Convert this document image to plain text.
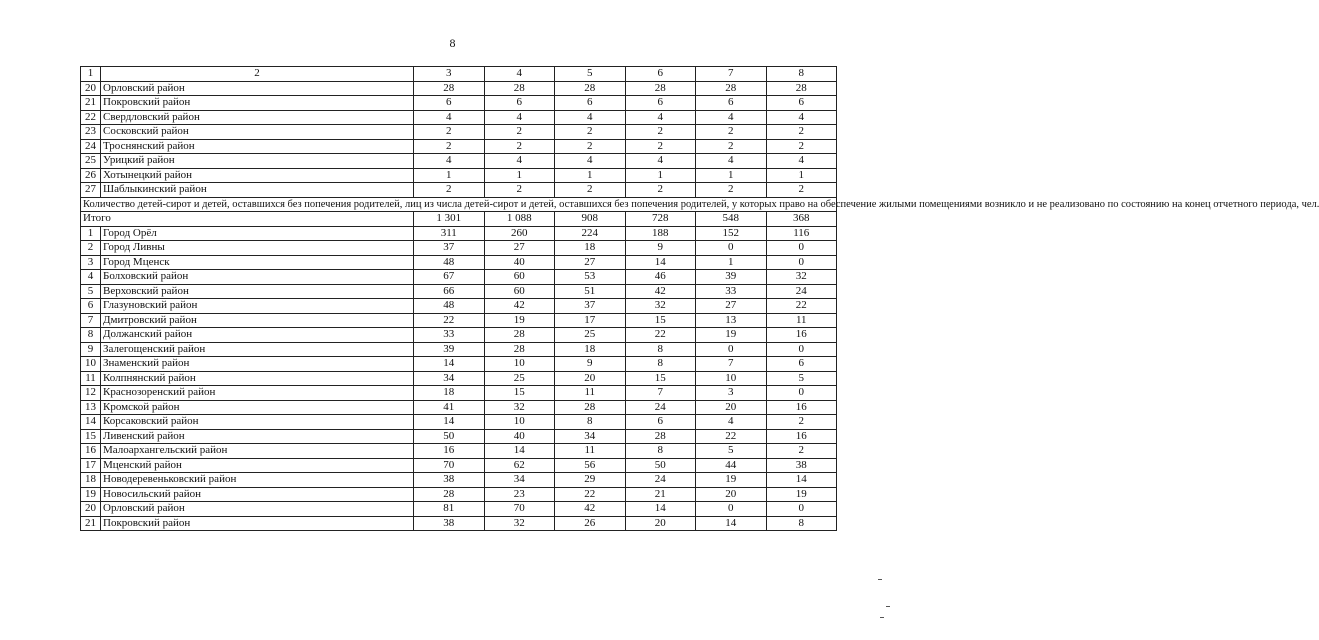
8
1	2	3	4	5	6	7	8
20	Орловский район	28	28	28	28	28	28
21	Покровский район	6	6	6	6	6	6
22	Свердловский район	4	4	4	4	4	4
23	Сосковский район	2	2	2	2	2	2
24	Троснянский район	2	2	2	2	2	2
25	Урицкий район	4	4	4	4	4	4
26	Хотынецкий район	1	1	1	1	1	1
27	Шаблыкинский район	2	2	2	2	2	2
Количество детей-сирот и детей, оставшихся без попечения родителей, лиц из числа детей-сирот и детей, оставшихся без попечения родителей, у которых право на обеспечение жилыми помещениями возникло и не реализовано по состоянию на конец отчетного периода, чел.							
Итого		1 301	1 088	908	728	548	368
1	Город Орёл	311	260	224	188	152	116
2	Город Ливны	37	27	18	9	0	0
3	Город Мценск	48	40	27	14	1	0
4	Болховский район	67	60	53	46	39	32
5	Верховский район	66	60	51	42	33	24
6	Глазуновский район	48	42	37	32	27	22
7	Дмитровский район	22	19	17	15	13	11
8	Должанский район	33	28	25	22	19	16
9	Залегощенский район	39	28	18	8	0	0
10	Знаменский район	14	10	9	8	7	6
11	Колпнянский район	34	25	20	15	10	5
12	Краснозоренский район	18	15	11	7	3	0
13	Кромской район	41	32	28	24	20	16
14	Корсаковский район	14	10	8	6	4	2
15	Ливенский район	50	40	34	28	22	16
16	Малоархангельский район	16	14	11	8	5	2
17	Мценский район	70	62	56	50	44	38
18	Новодеревеньковский район	38	34	29	24	19	14
19	Новосильский район	28	23	22	21	20	19
20	Орловский район	81	70	42	14	0	0
21	Покровский район	38	32	26	20	14	8
